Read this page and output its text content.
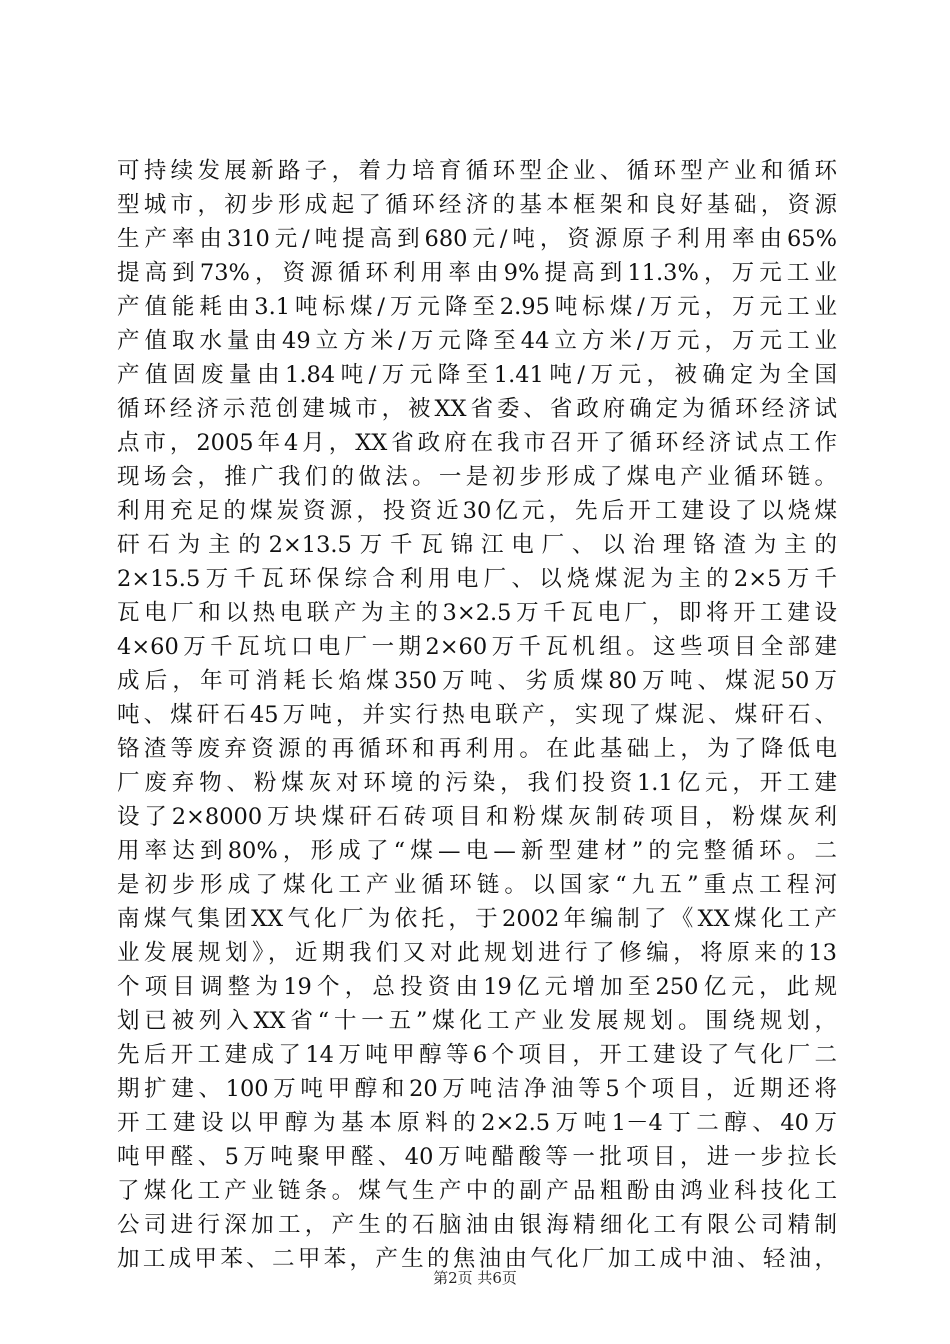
可持续发展新路子，着力培育循环型企业、循环型产业和循环
型城市，初步形成起了循环经济的基本框架和良好基础，资源
生产率由310元/吨提高到680元/吨，资源原子利用率由65%
提高到73%，资源循环利用率由9%提高到11.3%，万元工业
产值能耗由3.1吨标煤/万元降至2.95吨标煤/万元，万元工业
产值取水量由49立方米/万元降至44立方米/万元，万元工业
产值固废量由1.84吨/万元降至1.41吨/万元，被确定为全国
循环经济示范创建城市，被XX省委、省政府确定为循环经济试
点市，2005年4月，XX省政府在我市召开了循环经济试点工作
现场会，推广我们的做法。一是初步形成了煤电产业循环链。
利用充足的煤炭资源，投资近30亿元，先后开工建设了以烧煤
矸石为主的2×13.5万千瓦锦江电厂、以治理铬渣为主的
2×15.5万千瓦环保综合利用电厂、以烧煤泥为主的2×5万千
瓦电厂和以热电联产为主的3×2.5万千瓦电厂，即将开工建设
4×60万千瓦坑口电厂一期2×60万千瓦机组。这些项目全部建
成后，年可消耗长焰煤350万吨、劣质煤80万吨、煤泥50万
吨、煤矸石45万吨，并实行热电联产，实现了煤泥、煤矸石、
铬渣等废弃资源的再循环和再利用。在此基础上，为了降低电
厂废弃物、粉煤灰对环境的污染，我们投资1.1亿元，开工建
设了2×8000万块煤矸石砖项目和粉煤灰制砖项目，粉煤灰利
用率达到80%，形成了“煤—电—新型建材”的完整循环。二
是初步形成了煤化工产业循环链。以国家“九五”重点工程河
南煤气集团XX气化厂为依托，于2002年编制了《XX煤化工产
业发展规划》，近期我们又对此规划进行了修编，将原来的13
个项目调整为19个，总投资由19亿元增加至250亿元，此规
划已被列入XX省“十一五”煤化工产业发展规划。围绕规划，
先后开工建成了14万吨甲醇等6个项目，开工建设了气化厂二
期扩建、100万吨甲醇和20万吨洁净油等5个项目，近期还将
开工建设以甲醇为基本原料的2×2.5万吨1－4丁二醇、40万
吨甲醛、5万吨聚甲醛、40万吨醋酸等一批项目，进一步拉长
了煤化工产业链条。煤气生产中的副产品粗酚由鸿业科技化工
公司进行深加工，产生的石脑油由银海精细化工有限公司精制
加工成甲苯、二甲苯，产生的焦油由气化厂加工成中油、轻油，
第2页 共6页
